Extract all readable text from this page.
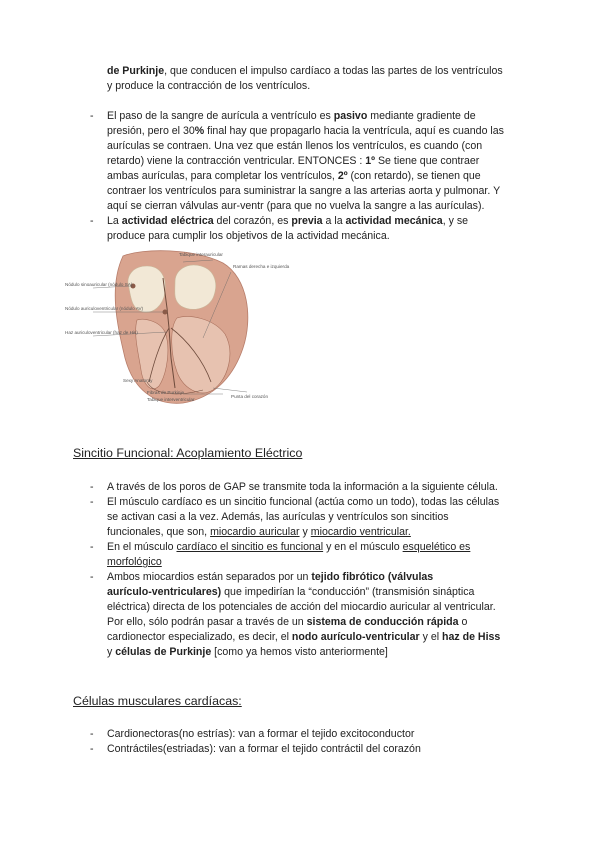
de Purkinje, que conducen el impulso cardíaco a todas las partes de los ventrículos
y produce la contracción de los ventrículos.
- El paso de la sangre de aurícula a ventrículo es pasivo mediante gradiente de
presión, pero el 30% final hay que propagarlo hacia la ventrícula, aquí es cuando las
aurículas se contraen. Una vez que están llenos los ventrículos, es cuando (con
retardo) viene la contracción ventricular. ENTONCES : 1º Se tiene que contraer
ambas aurículas, para completar los ventrículos, 2º (con retardo), se tienen que
contraer los ventrículos para suministrar la sangre a las arterias aorta y pulmonar. Y
aquí se cierran válvulas aur-ventr (para que no vuelva la sangre a las aurículas).
- La actividad eléctrica del corazón, es previa a la actividad mecánica, y se
produce para cumplir los objetivos de la actividad mecánica.
Tabique interauricular
Ramas derecha e izquierda
Nódulo sinoauricular (nódulo SA)
Nódulo auriculoventricular (nódulo AV)
Haz auriculoventricular (haz de His)
Fibras de Purkinje
Tabique interventricular
Punta del corazón
Sexy Anatomy
Sincitio Funcional: Acoplamiento Eléctrico
- A través de los poros de GAP se transmite toda la información a la siguiente célula.
- El músculo cardíaco es un sincitio funcional (actúa como un todo), todas las células
se activan casi a la vez. Además, las aurículas y ventrículos son sincitios
funcionales, que son, miocardio auricular y miocardio ventricular.
- En el músculo cardíaco el sincitio es funcional y en el músculo esquelético es
morfológico
- Ambos miocardios están separados por un tejido fibrótico (válvulas
aurículo-ventriculares) que impedirían la “conducción” (transmisión sináptica
eléctrica) directa de los potenciales de acción del miocardio auricular al ventricular.
Por ello, sólo podrán pasar a través de un sistema de conducción rápida o
cardionector especializado, es decir, el nodo aurículo-ventricular y el haz de Hiss
y células de Purkinje [como ya hemos visto anteriormente]
Células musculares cardíacas:
- Cardionectoras(no estrías): van a formar el tejido excitoconductor
- Contráctiles(estriadas): van a formar el tejido contráctil del corazón
